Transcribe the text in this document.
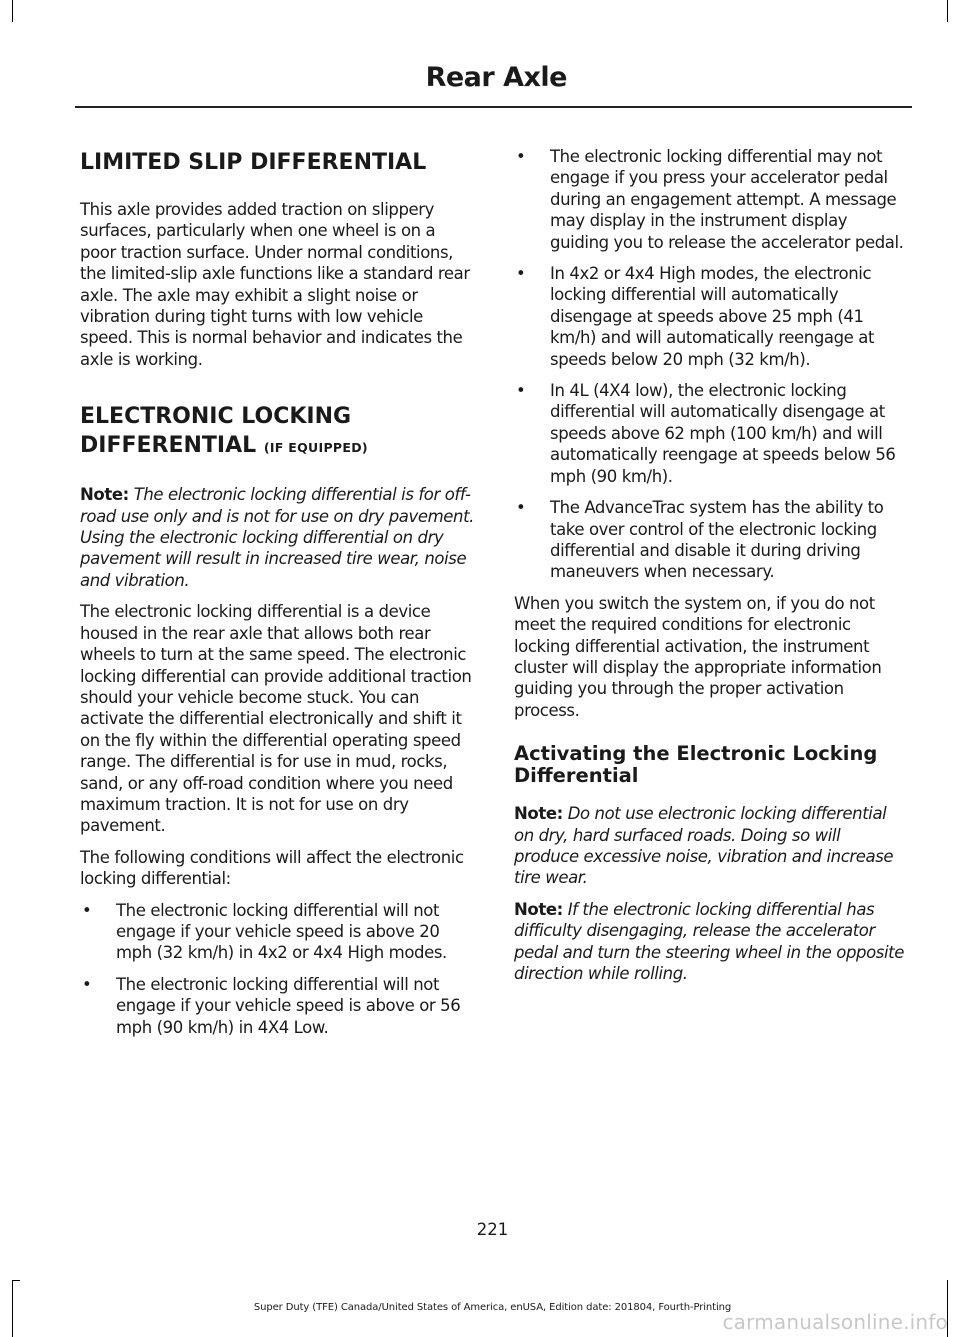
Rear Axle
LIMITED SLIP DIFFERENTIAL

This axle provides added traction on slippery surfaces, particularly when one wheel is on a poor traction surface. Under normal conditions, the limited-slip axle functions like a standard rear axle. The axle may exhibit a slight noise or vibration during tight turns with low vehicle speed. This is normal behavior and indicates the axle is working.

ELECTRONIC LOCKING
DIFFERENTIAL (IF EQUIPPED)

Note: The electronic locking differential is for off-road use only and is not for use on dry pavement. Using the electronic locking differential on dry pavement will result in increased tire wear, noise and vibration.

The electronic locking differential is a device housed in the rear axle that allows both rear wheels to turn at the same speed. The electronic locking differential can provide additional traction should your vehicle become stuck. You can activate the differential electronically and shift it on the fly within the differential operating speed range. The differential is for use in mud, rocks, sand, or any off-road condition where you need maximum traction. It is not for use on dry pavement.

The following conditions will affect the electronic locking differential:

• The electronic locking differential will not engage if your vehicle speed is above 20 mph (32 km/h) in 4x2 or 4x4 High modes.
• The electronic locking differential will not engage if your vehicle speed is above or 56 mph (90 km/h) in 4X4 Low.
• The electronic locking differential may not engage if you press your accelerator pedal during an engagement attempt. A message may display in the instrument display guiding you to release the accelerator pedal.
• In 4x2 or 4x4 High modes, the electronic locking differential will automatically disengage at speeds above 25 mph (41 km/h) and will automatically reengage at speeds below 20 mph (32 km/h).
• In 4L (4X4 low), the electronic locking differential will automatically disengage at speeds above 62 mph (100 km/h) and will automatically reengage at speeds below 56 mph (90 km/h).
• The AdvanceTrac system has the ability to take over control of the electronic locking differential and disable it during driving maneuvers when necessary.

When you switch the system on, if you do not meet the required conditions for electronic locking differential activation, the instrument cluster will display the appropriate information guiding you through the proper activation process.

Activating the Electronic Locking Differential

Note: Do not use electronic locking differential on dry, hard surfaced roads. Doing so will produce excessive noise, vibration and increase tire wear.

Note: If the electronic locking differential has difficulty disengaging, release the accelerator pedal and turn the steering wheel in the opposite direction while rolling.

221
Super Duty (TFE) Canada/United States of America, enUSA, Edition date: 201804, Fourth-Printing
carmanualsonline.info
